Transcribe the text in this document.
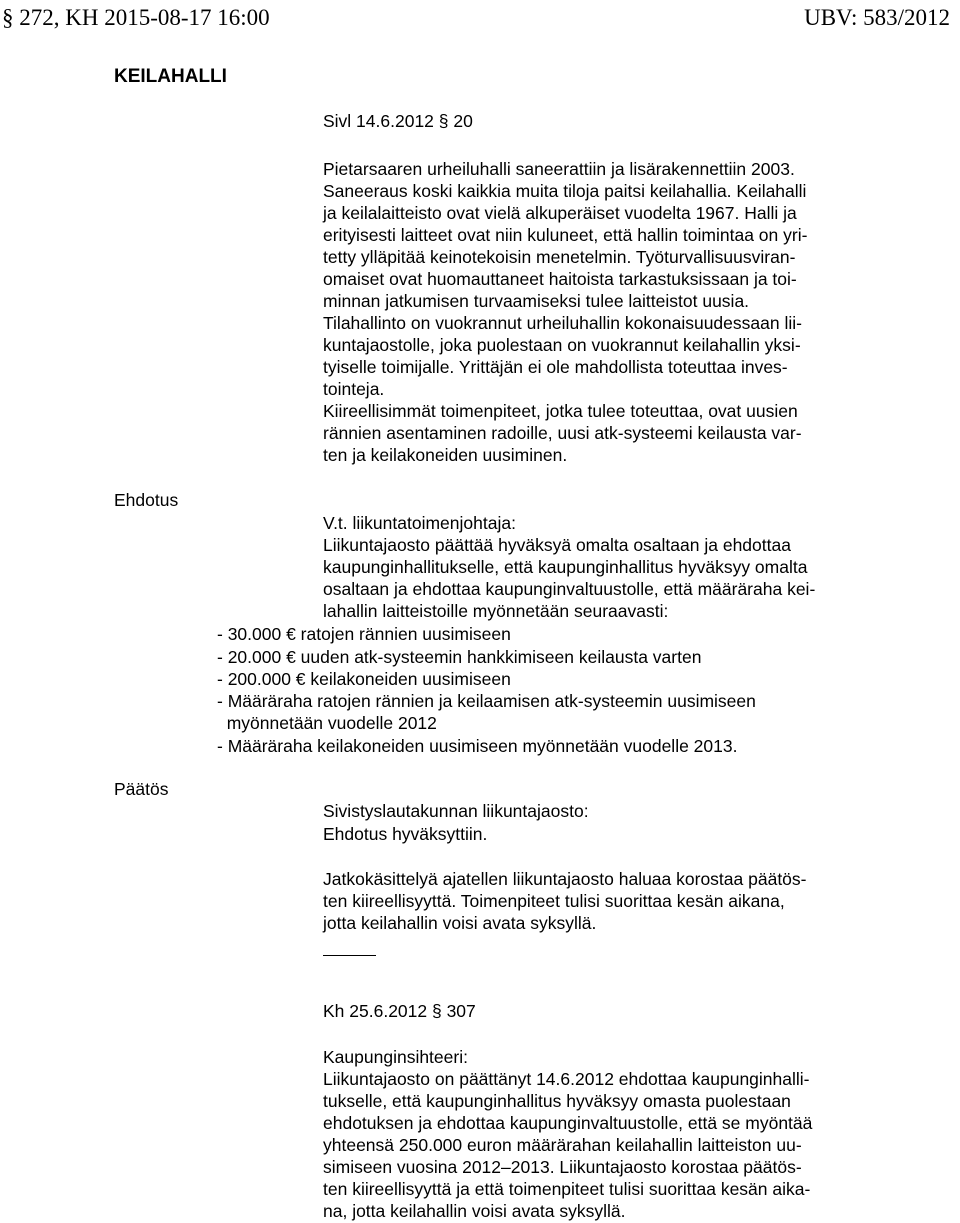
§ 272, KH 2015-08-17 16:00	UBV: 583/2012
KEILAHALLI
Sivl 14.6.2012 § 20
Pietarsaaren urheiluhalli saneerattiin ja lisärakennettiin 2003.
Saneeraus koski kaikkia muita tiloja paitsi keilahallia. Keilahalli
ja keilalaitteisto ovat vielä alkuperäiset vuodelta 1967. Halli ja
erityisesti laitteet ovat niin kuluneet, että hallin toimintaa on yri-
tetty ylläpitää keinotekoisin menetelmin. Työturvallisuusviran-
omaiset ovat huomauttaneet haitoista tarkastuksissaan ja toi-
minnan jatkumisen turvaamiseksi tulee laitteistot uusia.
Tilahallinto on vuokrannut urheiluhallin kokonaisuudessaan lii-
kuntajaostolle, joka puolestaan on vuokrannut keilahallin yksi-
tyiselle toimijalle. Yrittäjän ei ole mahdollista toteuttaa inves-
tointeja.
Kiireellisimmät toimenpiteet, jotka tulee toteuttaa, ovat uusien
rännien asentaminen radoille, uusi atk-systeemi keilausta var-
ten ja keilakoneiden uusiminen.
Ehdotus
V.t. liikuntatoimenjohtaja:
Liikuntajaosto päättää hyväksyä omalta osaltaan ja ehdottaa
kaupunginhallitukselle, että kaupunginhallitus hyväksyy omalta
osaltaan ja ehdottaa kaupunginvaltuustolle, että määräraha kei-
lahallin laitteistoille myönnetään seuraavasti:
- 30.000 € ratojen rännien uusimiseen
- 20.000 € uuden atk-systeemin hankkimiseen keilausta varten
- 200.000 € keilakoneiden uusimiseen
- Määräraha ratojen rännien ja keilaamisen atk-systeemin uusimiseen
myönnetään vuodelle 2012
- Määräraha keilakoneiden uusimiseen myönnetään vuodelle 2013.
Päätös
Sivistyslautakunnan liikuntajaosto:
Ehdotus hyväksyttiin.
Jatkokäsittelyä ajatellen liikuntajaosto haluaa korostaa päätös-
ten kiireellisyyttä. Toimenpiteet tulisi suorittaa kesän aikana,
jotta keilahallin voisi avata syksyllä.
Kh 25.6.2012 § 307
Kaupunginsihteeri:
Liikuntajaosto on päättänyt 14.6.2012 ehdottaa kaupunginhalli-
tukselle, että kaupunginhallitus hyväksyy omasta puolestaan
ehdotuksen ja ehdottaa kaupunginvaltuustolle, että se myöntää
yhteensä 250.000 euron määrärahan keilahallin laitteiston uu-
simiseen vuosina 2012–2013. Liikuntajaosto korostaa päätös-
ten kiireellisyyttä ja että toimenpiteet tulisi suorittaa kesän aika-
na, jotta keilahallin voisi avata syksyllä.
